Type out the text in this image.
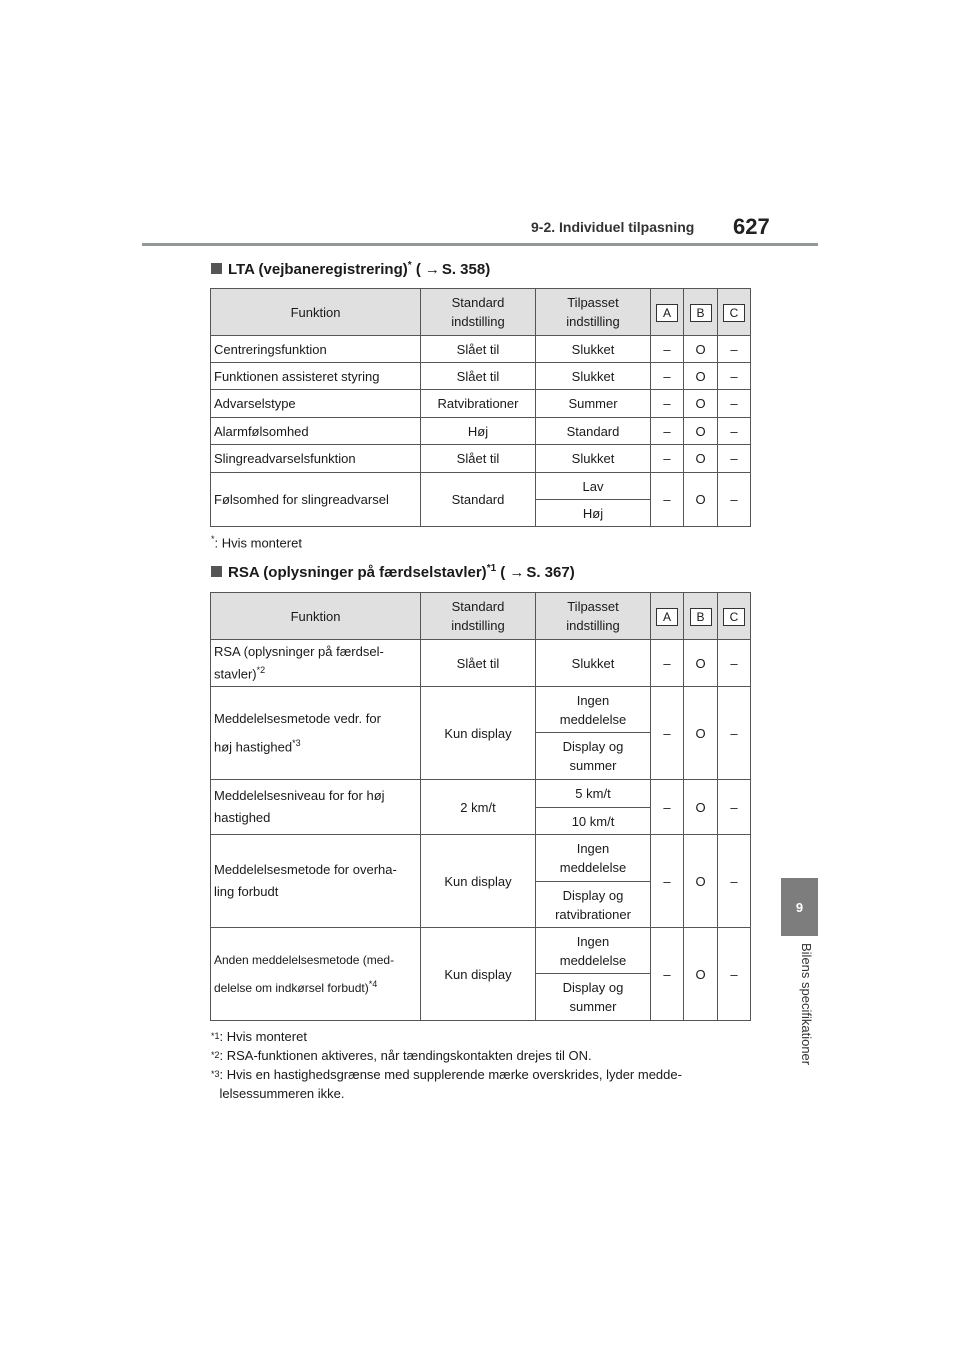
9-2. Individuel tilpasning 627
9
Bilens specifikationer
LTA (vejbaneregistrering)* ( → S. 358)
Funktion	Standard indstilling	Tilpasset indstilling	A	B	C
Centreringsfunktion	Slået til	Slukket	–	O	–
Funktionen assisteret styring	Slået til	Slukket	–	O	–
Advarselstype	Ratvibrationer	Summer	–	O	–
Alarmfølsomhed	Høj	Standard	–	O	–
Slingreadvarselsfunktion	Slået til	Slukket	–	O	–
Følsomhed for slingreadvarsel	Standard	Lav	–	O	–
		Høj			
*: Hvis monteret
RSA (oplysninger på færdselstavler)$^{*1}$ ( → S. 367)
Funktion	Standard indstilling	Tilpasset indstilling	A	B	C
RSA (oplysninger på færdsel-
stavler)$^{*2}$	Slået til	Slukket	–	O	–
Meddelelsesmetode vedr. for
høj hastighed$^{*3}$	Kun display	Ingen meddelelse	–	O	–
		Display og summer			
Meddelelsesniveau for for høj
hastighed	2 km/t	5 km/t	–	O	–
		10 km/t			
Meddelelsesmetode for overha-
ling forbudt	Kun display	Ingen meddelelse	–	O	–
		Display og ratvibrationer			
Anden meddelelsesmetode (med-
delelse om indkørsel forbudt)$^{*4}$	Kun display	Ingen meddelelse	–	O	–
		Display og summer			
*1 : Hvis monteret
*2 : RSA-funktionen aktiveres, når tændingskontakten drejes til ON.
*3 : Hvis en hastighedsgrænse med supplerende mærke overskrides, lyder medde-lelsessummeren ikke.
